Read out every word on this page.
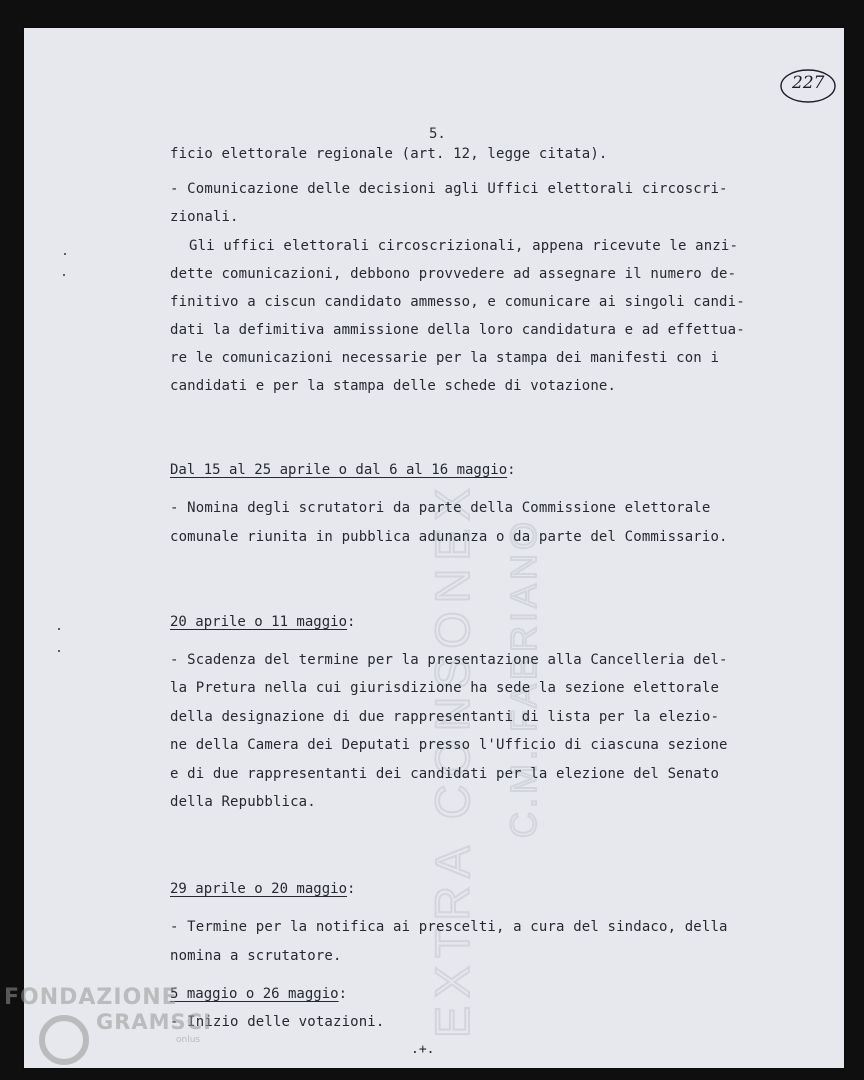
EXTRA CONSONEX C.M. FABRIANO
227
5.
ficio elettorale regionale (art. 12, legge citata).
- Comunicazione delle decisioni agli Uffici elettorali circoscri-
zionali.
Gli uffici elettorali circoscrizionali, appena ricevute le anzi-
dette comunicazioni, debbono provvedere ad assegnare il numero de-
finitivo a ciscun candidato ammesso, e comunicare ai singoli candi-
dati la defimitiva ammissione della loro candidatura e ad effettua-
re le comunicazioni necessarie per la stampa dei manifesti con i
candidati e per la stampa delle schede di votazione.
Dal 15 al 25 aprile o dal 6 al 16 maggio:
- Nomina degli scrutatori da parte della Commissione elettorale
comunale riunita in pubblica adunanza o da parte del Commissario.
20 aprile o 11 maggio:
- Scadenza del termine per la presentazione alla Cancelleria del-
la Pretura nella cui giurisdizione ha sede la sezione elettorale
della designazione di due rappresentanti di lista per la elezio-
ne della Camera dei Deputati presso l'Ufficio di ciascuna sezione
e di due rappresentanti dei candidati per la elezione del Senato
della Repubblica.
29 aprile o 20 maggio:
- Termine per la notifica ai prescelti, a cura del sindaco, della
nomina a scrutatore.
5 maggio o 26 maggio:
- Inizio delle votazioni.
.+.
FONDAZIONE
GRAMSCI
onlus
